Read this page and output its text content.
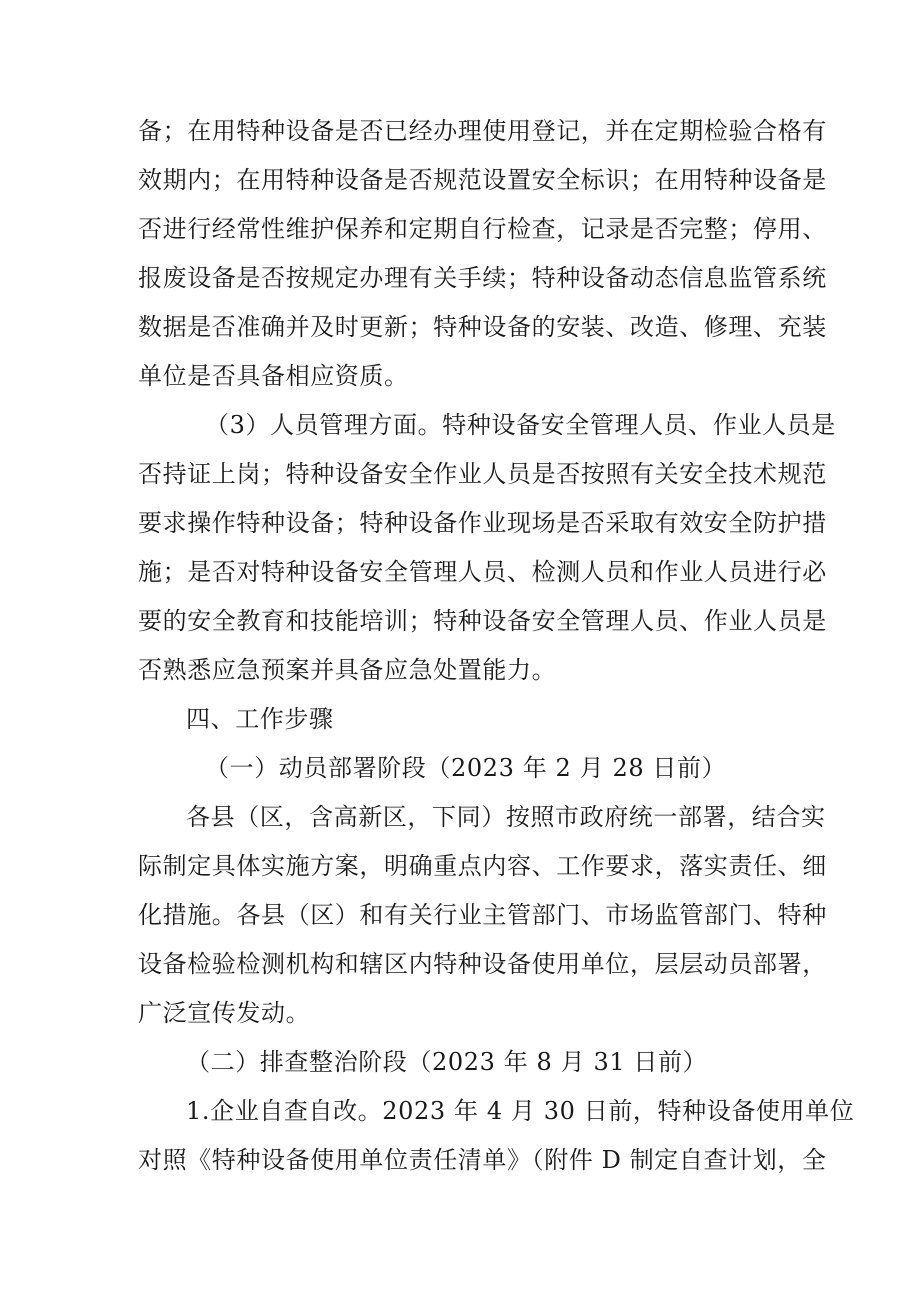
备；在用特种设备是否已经办理使用登记，并在定期检验合格有
效期内；在用特种设备是否规范设置安全标识；在用特种设备是
否进行经常性维护保养和定期自行检查，记录是否完整；停用、
报废设备是否按规定办理有关手续；特种设备动态信息监管系统
数据是否准确并及时更新；特种设备的安装、改造、修理、充装
单位是否具备相应资质。
（3）人员管理方面。特种设备安全管理人员、作业人员是
否持证上岗；特种设备安全作业人员是否按照有关安全技术规范
要求操作特种设备；特种设备作业现场是否采取有效安全防护措
施；是否对特种设备安全管理人员、检测人员和作业人员进行必
要的安全教育和技能培训；特种设备安全管理人员、作业人员是
否熟悉应急预案并具备应急处置能力。
四、工作步骤
（一）动员部署阶段（2023 年 2 月 28 日前）
各县（区，含高新区，下同）按照市政府统一部署，结合实
际制定具体实施方案，明确重点内容、工作要求，落实责任、细
化措施。各县（区）和有关行业主管部门、市场监管部门、特种
设备检验检测机构和辖区内特种设备使用单位，层层动员部署，
广泛宣传发动。
（二）排查整治阶段（2023 年 8 月 31 日前）
1.企业自查自改。2023 年 4 月 30 日前，特种设备使用单位
对照《特种设备使用单位责任清单》（附件 D 制定自查计划，全
